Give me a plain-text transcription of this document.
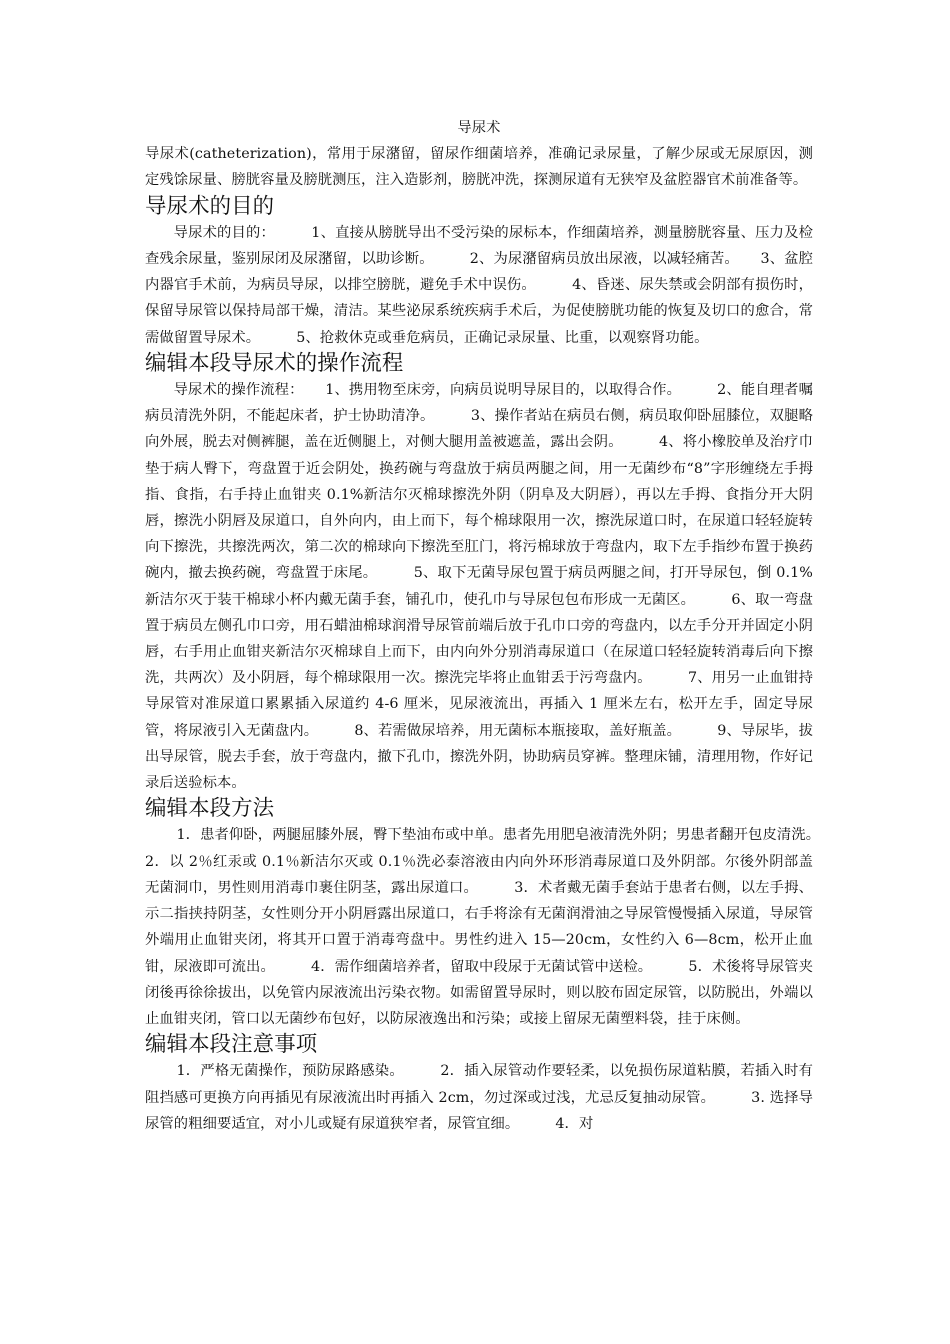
导尿术

导尿术(catheterization)，常用于尿潴留，留尿作细菌培养，准确记录尿量，了解少尿或无尿原因，测定残馀尿量、膀胱容量及膀胱测压，注入造影剂，膀胱冲洗，探测尿道有无狭窄及盆腔器官术前准备等。

导尿术的目的

导尿术的目的：　　　1、直接从膀胱导出不受污染的尿标本，作细菌培养，测量膀胱容量、压力及检查残余尿量，鉴别尿闭及尿潴留，以助诊断。　　　2、为尿潴留病员放出尿液，以减轻痛苦。　　3、盆腔内器官手术前，为病员导尿，以排空膀胱，避免手术中误伤。　　　4、昏迷、尿失禁或会阴部有损伤时，保留导尿管以保持局部干燥，清洁。某些泌尿系统疾病手术后，为促使膀胱功能的恢复及切口的愈合，常需做留置导尿术。　　　5、抢救休克或垂危病员，正确记录尿量、比重，以观察肾功能。

编辑本段导尿术的操作流程

导尿术的操作流程：　　1、携用物至床旁，向病员说明导尿目的，以取得合作。　　　2、能自理者嘱病员清洗外阴，不能起床者，护士协助清净。　　　3、操作者站在病员右侧，病员取仰卧屈膝位，双腿略向外展，脱去对侧裤腿，盖在近侧腿上，对侧大腿用盖被遮盖，露出会阴。　　　4、将小橡胶单及治疗巾垫于病人臀下，弯盘置于近会阴处，换药碗与弯盘放于病员两腿之间，用一无菌纱布“8”字形缠绕左手拇指、食指，右手持止血钳夹 0.1%新洁尔灭棉球擦洗外阴（阴阜及大阴唇），再以左手拇、食指分开大阴唇，擦洗小阴唇及尿道口，自外向内，由上而下，每个棉球限用一次，擦洗尿道口时，在尿道口轻轻旋转向下擦洗，共擦洗两次，第二次的棉球向下擦洗至肛门，将污棉球放于弯盘内，取下左手指纱布置于换药碗内，撤去换药碗，弯盘置于床尾。　　　5、取下无菌导尿包置于病员两腿之间，打开导尿包，倒 0.1%新洁尔灭于装干棉球小杯内戴无菌手套，铺孔巾，使孔巾与导尿包包布形成一无菌区。　　　6、取一弯盘置于病员左侧孔巾口旁，用石蜡油棉球润滑导尿管前端后放于孔巾口旁的弯盘内，以左手分开并固定小阴唇，右手用止血钳夹新洁尔灭棉球自上而下，由内向外分别消毒尿道口（在尿道口轻轻旋转消毒后向下擦洗，共两次）及小阴唇，每个棉球限用一次。擦洗完毕将止血钳丢于污弯盘内。　　　7、用另一止血钳持导尿管对准尿道口累累插入尿道约 4-6 厘米，见尿液流出，再插入 1 厘米左右，松开左手，固定导尿管，将尿液引入无菌盘内。　　　8、若需做尿培养，用无菌标本瓶接取，盖好瓶盖。　　　9、导尿毕，拔出导尿管，脱去手套，放于弯盘内，撤下孔巾，擦洗外阴，协助病员穿裤。整理床铺，清理用物，作好记录后送验标本。

编辑本段方法

1．患者仰卧，两腿屈膝外展，臀下垫油布或中单。患者先用肥皂液清洗外阴；男患者翻开包皮清洗。　　　2．以 2％红汞或 0.1％新洁尔灭或 0.1％洗必泰溶液由内向外环形消毒尿道口及外阴部。尔後外阴部盖无菌洞巾，男性则用消毒巾裹住阴茎，露出尿道口。　　　3．术者戴无菌手套站于患者右侧，以左手拇、示二指挟持阴茎，女性则分开小阴唇露出尿道口，右手将涂有无菌润滑油之导尿管慢慢插入尿道，导尿管外端用止血钳夹闭，将其开口置于消毒弯盘中。男性约进入 15—20cm，女性约入 6—8cm，松开止血钳，尿液即可流出。　　　4．需作细菌培养者，留取中段尿于无菌试管中送检。　　　5．术後将导尿管夹闭後再徐徐拔出，以免管内尿液流出污染衣物。如需留置导尿时，则以胶布固定尿管，以防脱出，外端以止血钳夹闭，管口以无菌纱布包好，以防尿液逸出和污染；或接上留尿无菌塑料袋，挂于床侧。

编辑本段注意事项

1．严格无菌操作，预防尿路感染。　　　2．插入尿管动作要轻柔，以免损伤尿道粘膜，若插入时有阻挡感可更换方向再插见有尿液流出时再插入 2cm，勿过深或过浅，尤忌反复抽动尿管。　　　3. 选择导尿管的粗细要适宜，对小儿或疑有尿道狭窄者，尿管宜细。　　　4．对
